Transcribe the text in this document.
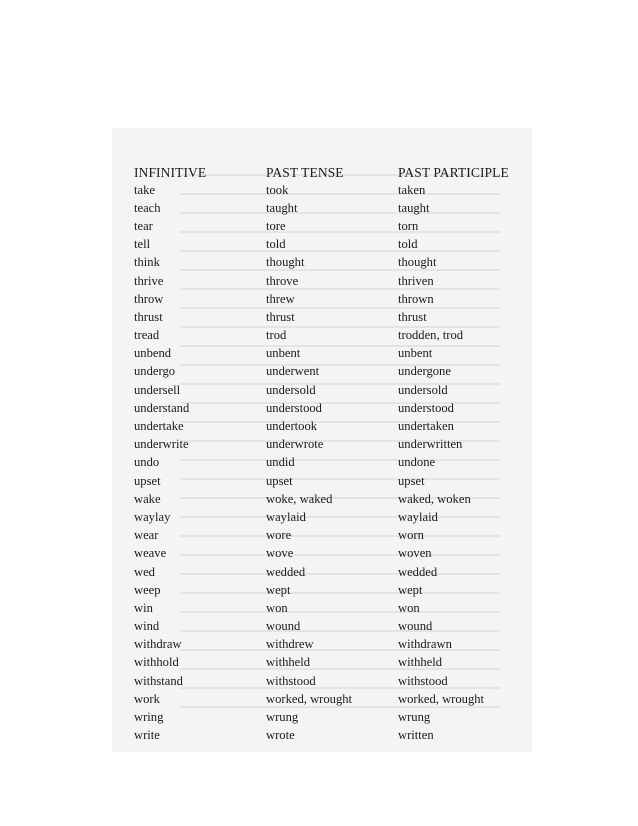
INFINITIVE	PAST TENSE	PAST PARTICIPLE
take	took	taken
teach	taught	taught
tear	tore	torn
tell	told	told
think	thought	thought
thrive	throve	thriven
throw	threw	thrown
thrust	thrust	thrust
tread	trod	trodden, trod
unbend	unbent	unbent
undergo	underwent	undergone
undersell	undersold	undersold
understand	understood	understood
undertake	undertook	undertaken
underwrite	underwrote	underwritten
undo	undid	undone
upset	upset	upset
wake	woke, waked	waked, woken
waylay	waylaid	waylaid
wear	wore	worn
weave	wove	woven
wed	wedded	wedded
weep	wept	wept
win	won	won
wind	wound	wound
withdraw	withdrew	withdrawn
withhold	withheld	withheld
withstand	withstood	withstood
work	worked, wrought	worked, wrought
wring	wrung	wrung
write	wrote	written
